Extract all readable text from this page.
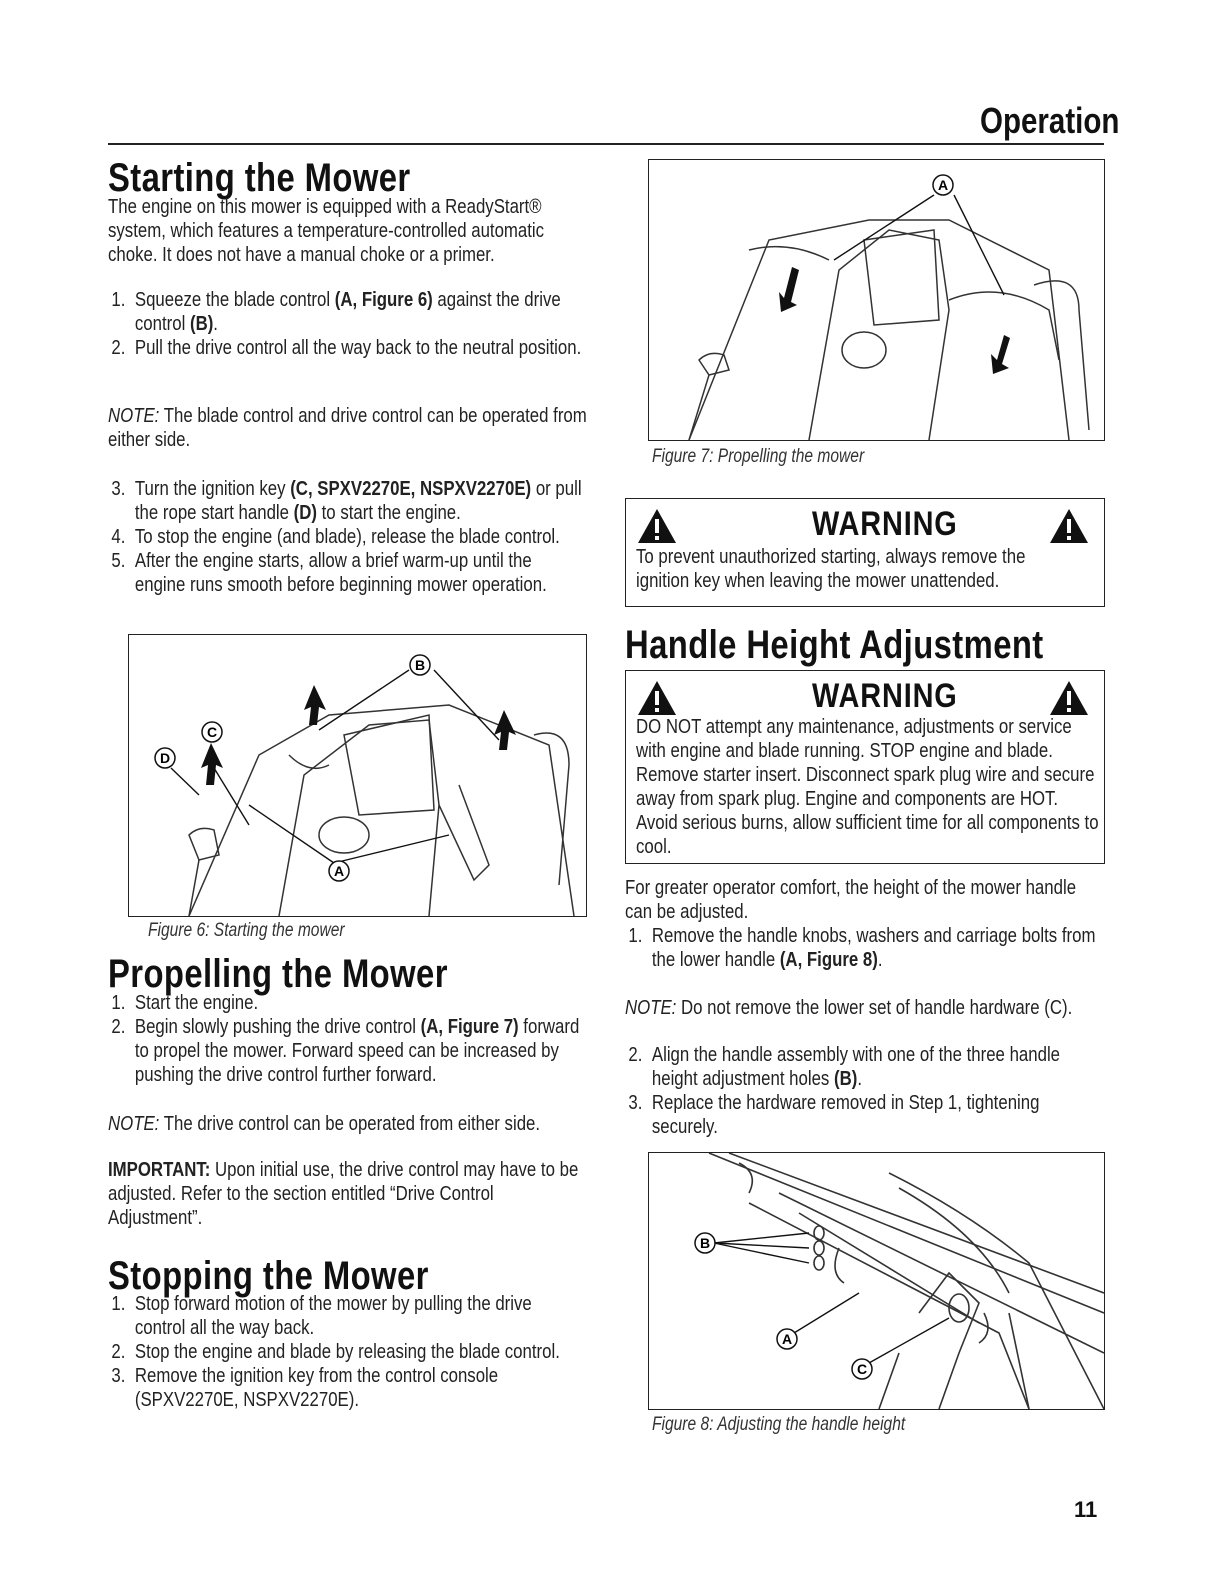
Operation
Starting the Mower

The engine on this mower is equipped with a ReadyStart® system, which features a temperature-controlled automatic choke. It does not have a manual choke or a primer.

1. Squeeze the blade control (A, Figure 6) against the drive control (B).
2. Pull the drive control all the way back to the neutral position.

NOTE: The blade control and drive control can be operated from either side.

3. Turn the ignition key (C, SPXV2270E, NSPXV2270E) or pull the rope start handle (D) to start the engine.
4. To stop the engine (and blade), release the blade control.
5. After the engine starts, allow a brief warm-up until the engine runs smooth before beginning mower operation.
B
C
D
A
Figure 6: Starting the mower
Propelling the Mower
1. Start the engine.
2. Begin slowly pushing the drive control (A, Figure 7) forward to propel the mower. Forward speed can be increased by pushing the drive control further forward.

NOTE: The drive control can be operated from either side.

IMPORTANT: Upon initial use, the drive control may have to be adjusted. Refer to the section entitled “Drive Control Adjustment”.

Stopping the Mower
1. Stop forward motion of the mower by pulling the drive control all the way back.
2. Stop the engine and blade by releasing the blade control.
3. Remove the ignition key from the control console (SPXV2270E, NSPXV2270E).
A
Figure 7: Propelling the mower
WARNING

To prevent unauthorized starting, always remove the ignition key when leaving the mower unattended.

Handle Height Adjustment
WARNING

DO NOT attempt any maintenance, adjustments or service with engine and blade running. STOP engine and blade. Remove starter insert. Disconnect spark plug wire and secure away from spark plug. Engine and components are HOT. Avoid serious burns, allow sufficient time for all components to cool.

For greater operator comfort, the height of the mower handle can be adjusted.

1. Remove the handle knobs, washers and carriage bolts from the lower handle (A, Figure 8).

NOTE: Do not remove the lower set of handle hardware (C).

2. Align the handle assembly with one of the three handle height adjustment holes (B).
3. Replace the hardware removed in Step 1, tightening securely.
B
A
C
Figure 8: Adjusting the handle height
11
